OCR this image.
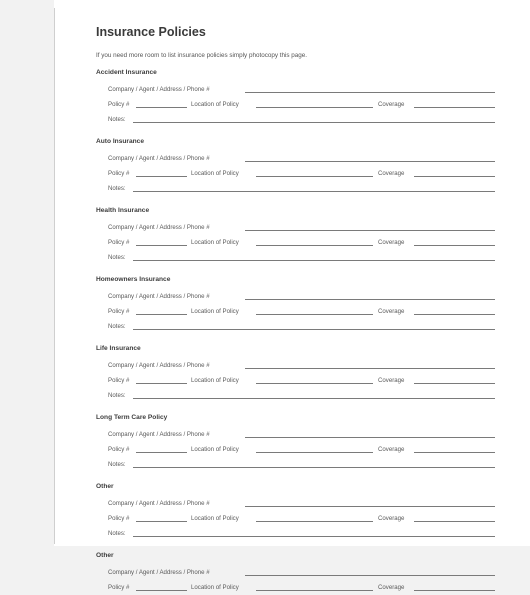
Insurance Policies

If you need more room to list insurance policies simply photocopy this page.

Accident Insurance
Company / Agent / Address / Phone #
Policy #	Location of Policy	Coverage
Notes:
Auto Insurance
Company / Agent / Address / Phone #
Policy #	Location of Policy	Coverage
Notes:
Health Insurance
Company / Agent / Address / Phone #
Policy #	Location of Policy	Coverage
Notes:
Homeowners Insurance
Company / Agent / Address / Phone #
Policy #	Location of Policy	Coverage
Notes:
Life Insurance
Company / Agent / Address / Phone #
Policy #	Location of Policy	Coverage
Notes:
Long Term Care Policy
Company / Agent / Address / Phone #
Policy #	Location of Policy	Coverage
Notes:
Other
Company / Agent / Address / Phone #
Policy #	Location of Policy	Coverage
Notes:
Other
Company / Agent / Address / Phone #
Policy #	Location of Policy	Coverage
